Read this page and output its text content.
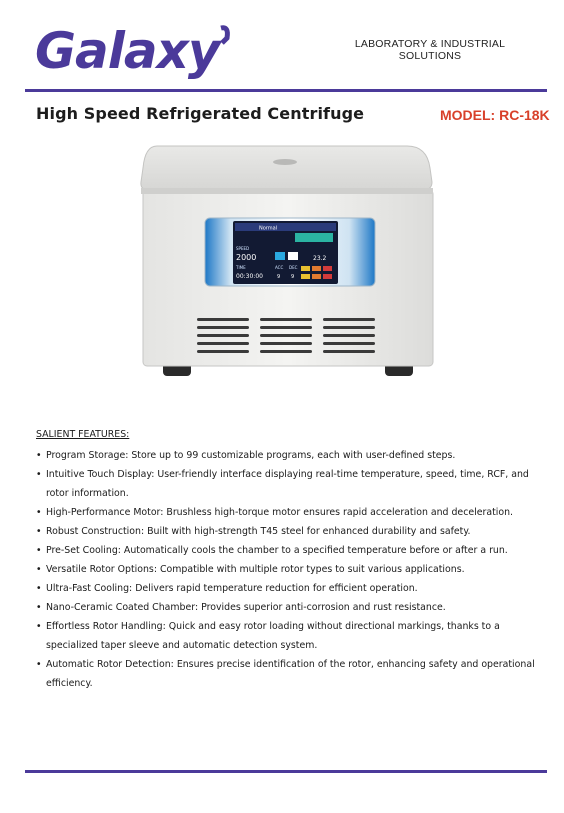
Galaxy	LABORATORY & INDUSTRIAL
SOLUTIONS
High Speed Refrigerated Centrifuge	MODEL: RC-18K
Normal
SPEED
2000	23.2
TIME
00:30:00
ACC DEC
9 9
SALIENT FEATURES:
• Program Storage: Store up to 99 customizable programs, each with user-defined steps.
• Intuitive Touch Display: User-friendly interface displaying real-time temperature, speed, time, RCF, and rotor information.
• High-Performance Motor: Brushless high-torque motor ensures rapid acceleration and deceleration.
• Robust Construction: Built with high-strength T45 steel for enhanced durability and safety.
• Pre-Set Cooling: Automatically cools the chamber to a specified temperature before or after a run.
• Versatile Rotor Options: Compatible with multiple rotor types to suit various applications.
• Ultra-Fast Cooling: Delivers rapid temperature reduction for efficient operation.
• Nano-Ceramic Coated Chamber: Provides superior anti-corrosion and rust resistance.
• Effortless Rotor Handling: Quick and easy rotor loading without directional markings, thanks to a specialized taper sleeve and automatic detection system.
• Automatic Rotor Detection: Ensures precise identification of the rotor, enhancing safety and operational efficiency.
